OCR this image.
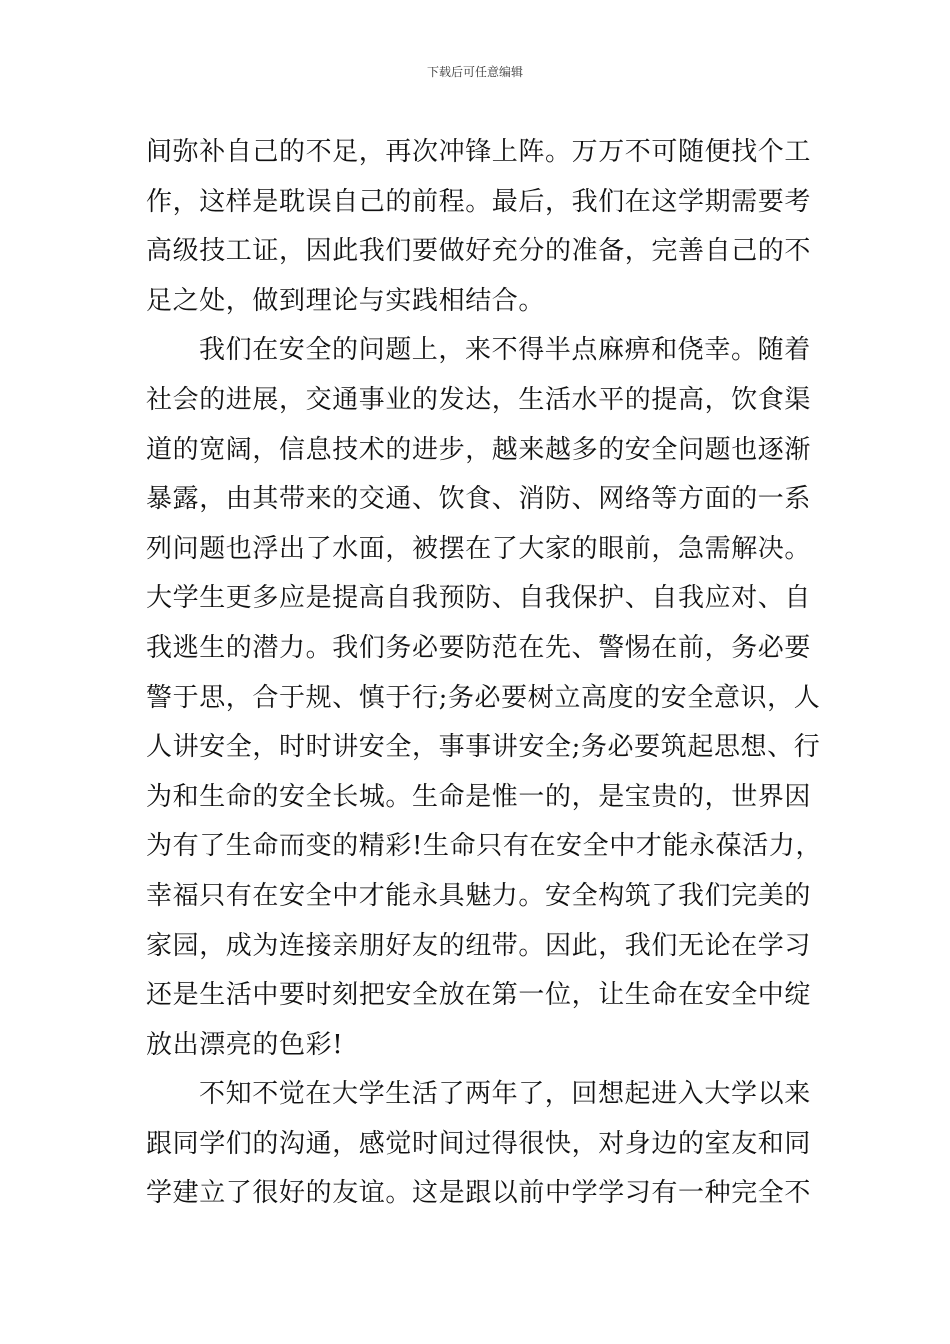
下载后可任意编辑
间弥补自己的不足，再次冲锋上阵。万万不可随便找个工
作，这样是耽误自己的前程。最后，我们在这学期需要考
高级技工证，因此我们要做好充分的准备，完善自己的不
足之处，做到理论与实践相结合。
我们在安全的问题上，来不得半点麻痹和侥幸。随着
社会的进展，交通事业的发达，生活水平的提高，饮食渠
道的宽阔，信息技术的进步，越来越多的安全问题也逐渐
暴露，由其带来的交通、饮食、消防、网络等方面的一系
列问题也浮出了水面，被摆在了大家的眼前，急需解决。
大学生更多应是提高自我预防、自我保护、自我应对、自
我逃生的潜力。我们务必要防范在先、警惕在前，务必要
警于思，合于规、慎于行;务必要树立高度的安全意识，人
人讲安全，时时讲安全，事事讲安全;务必要筑起思想、行
为和生命的安全长城。生命是惟一的，是宝贵的，世界因
为有了生命而变的精彩!生命只有在安全中才能永葆活力，
幸福只有在安全中才能永具魅力。安全构筑了我们完美的
家园，成为连接亲朋好友的纽带。因此，我们无论在学习
还是生活中要时刻把安全放在第一位，让生命在安全中绽
放出漂亮的色彩!
不知不觉在大学生活了两年了，回想起进入大学以来
跟同学们的沟通，感觉时间过得很快，对身边的室友和同
学建立了很好的友谊。这是跟以前中学学习有一种完全不
